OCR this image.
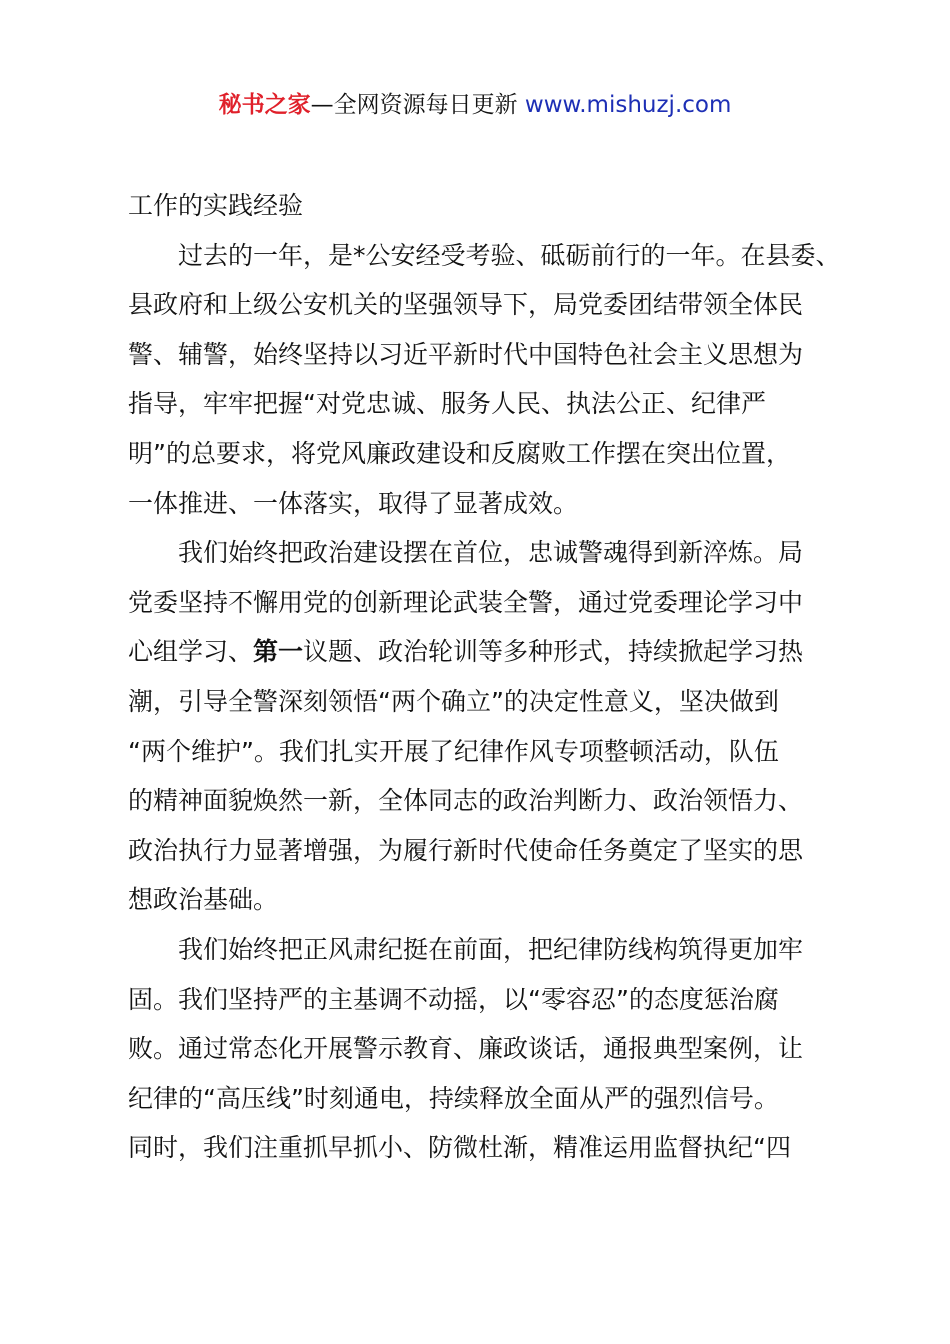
秘书之家—全网资源每日更新 www.mishuzj.com
工作的实践经验
过去的一年，是*公安经受考验、砥砺前行的一年。在县委、
县政府和上级公安机关的坚强领导下，局党委团结带领全体民
警、辅警，始终坚持以习近平新时代中国特色社会主义思想为
指导，牢牢把握“对党忠诚、服务人民、执法公正、纪律严
明”的总要求，将党风廉政建设和反腐败工作摆在突出位置，
一体推进、一体落实，取得了显著成效。
我们始终把政治建设摆在首位，忠诚警魂得到新淬炼。局
党委坚持不懈用党的创新理论武装全警，通过党委理论学习中
心组学习、第一议题、政治轮训等多种形式，持续掀起学习热
潮，引导全警深刻领悟“两个确立”的决定性意义，坚决做到
“两个维护”。我们扎实开展了纪律作风专项整顿活动，队伍
的精神面貌焕然一新，全体同志的政治判断力、政治领悟力、
政治执行力显著增强，为履行新时代使命任务奠定了坚实的思
想政治基础。
我们始终把正风肃纪挺在前面，把纪律防线构筑得更加牢
固。我们坚持严的主基调不动摇，以“零容忍”的态度惩治腐
败。通过常态化开展警示教育、廉政谈话，通报典型案例，让
纪律的“高压线”时刻通电，持续释放全面从严的强烈信号。
同时，我们注重抓早抓小、防微杜渐，精准运用监督执纪“四
